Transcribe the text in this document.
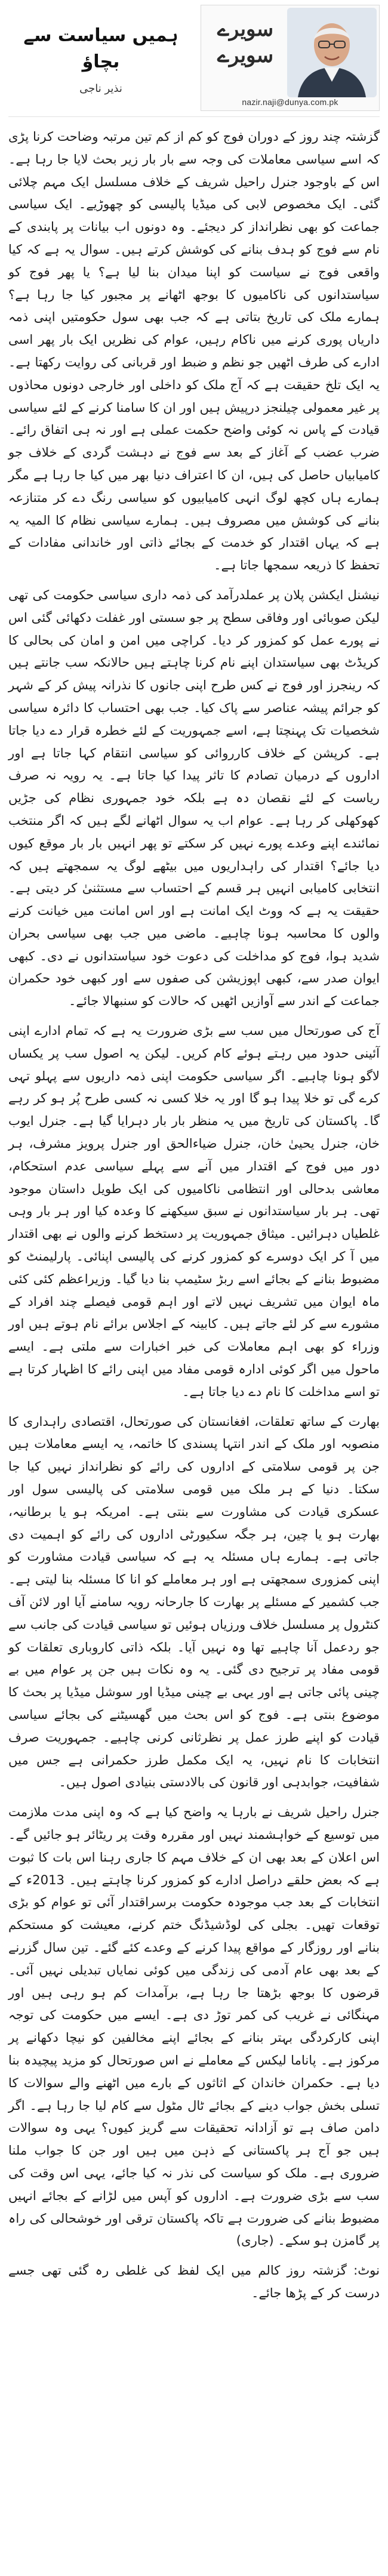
سویرے سویرے
nazir.naji@dunya.com.pk
ہمیں سیاست سے بچاؤ
نذیر ناجی

گزشتہ چند روز کے دوران فوج کو کم از کم تین مرتبہ وضاحت کرنا پڑی کہ اسے سیاسی معاملات کی وجہ سے بار بار زیر بحث لایا جا رہا ہے۔ اس کے باوجود جنرل راحیل شریف کے خلاف مسلسل ایک مہم چلائی گئی۔ ایک مخصوص لابی کی میڈیا پالیسی کو چھوڑیے۔ ایک سیاسی جماعت کو بھی نظرانداز کر دیجئے۔ وہ دونوں اب بیانات پر پابندی کے نام سے فوج کو ہدف بنانے کی کوشش کرتے ہیں۔ سوال یہ ہے کہ کیا واقعی فوج نے سیاست کو اپنا میدان بنا لیا ہے؟ یا پھر فوج کو سیاستدانوں کی ناکامیوں کا بوجھ اٹھانے پر مجبور کیا جا رہا ہے؟ ہمارے ملک کی تاریخ بتاتی ہے کہ جب بھی سول حکومتیں اپنی ذمہ داریاں پوری کرنے میں ناکام رہیں، عوام کی نظریں ایک بار پھر اسی ادارے کی طرف اٹھیں جو نظم و ضبط اور قربانی کی روایت رکھتا ہے۔ یہ ایک تلخ حقیقت ہے کہ آج ملک کو داخلی اور خارجی دونوں محاذوں پر غیر معمولی چیلنجز درپیش ہیں اور ان کا سامنا کرنے کے لئے سیاسی قیادت کے پاس نہ کوئی واضح حکمت عملی ہے اور نہ ہی اتفاق رائے۔ ضرب عضب کے آغاز کے بعد سے فوج نے دہشت گردی کے خلاف جو کامیابیاں حاصل کی ہیں، ان کا اعتراف دنیا بھر میں کیا جا رہا ہے مگر ہمارے ہاں کچھ لوگ انہی کامیابیوں کو سیاسی رنگ دے کر متنازعہ بنانے کی کوشش میں مصروف ہیں۔ ہمارے سیاسی نظام کا المیہ یہ ہے کہ یہاں اقتدار کو خدمت کے بجائے ذاتی اور خاندانی مفادات کے تحفظ کا ذریعہ سمجھا جاتا ہے۔

نیشنل ایکشن پلان پر عملدرآمد کی ذمہ داری سیاسی حکومت کی تھی لیکن صوبائی اور وفاقی سطح پر جو سستی اور غفلت دکھائی گئی اس نے پورے عمل کو کمزور کر دیا۔ کراچی میں امن و امان کی بحالی کا کریڈٹ بھی سیاستدان اپنے نام کرنا چاہتے ہیں حالانکہ سب جانتے ہیں کہ رینجرز اور فوج نے کس طرح اپنی جانوں کا نذرانہ پیش کر کے شہر کو جرائم پیشہ عناصر سے پاک کیا۔ جب بھی احتساب کا دائرہ سیاسی شخصیات تک پہنچتا ہے، اسے جمہوریت کے لئے خطرہ قرار دے دیا جاتا ہے۔ کرپشن کے خلاف کارروائی کو سیاسی انتقام کہا جاتا ہے اور اداروں کے درمیان تصادم کا تاثر پیدا کیا جاتا ہے۔ یہ رویہ نہ صرف ریاست کے لئے نقصان دہ ہے بلکہ خود جمہوری نظام کی جڑیں کھوکھلی کر رہا ہے۔ عوام اب یہ سوال اٹھانے لگے ہیں کہ اگر منتخب نمائندے اپنے وعدے پورے نہیں کر سکتے تو پھر انہیں بار بار موقع کیوں دیا جائے؟ اقتدار کی راہداریوں میں بیٹھے لوگ یہ سمجھتے ہیں کہ انتخابی کامیابی انہیں ہر قسم کے احتساب سے مستثنیٰ کر دیتی ہے۔ حقیقت یہ ہے کہ ووٹ ایک امانت ہے اور اس امانت میں خیانت کرنے والوں کا محاسبہ ہونا چاہیے۔ ماضی میں جب بھی سیاسی بحران شدید ہوا، فوج کو مداخلت کی دعوت خود سیاستدانوں نے دی۔ کبھی ایوان صدر سے، کبھی اپوزیشن کی صفوں سے اور کبھی خود حکمران جماعت کے اندر سے آوازیں اٹھیں کہ حالات کو سنبھالا جائے۔

آج کی صورتحال میں سب سے بڑی ضرورت یہ ہے کہ تمام ادارے اپنی آئینی حدود میں رہتے ہوئے کام کریں۔ لیکن یہ اصول سب پر یکساں لاگو ہونا چاہیے۔ اگر سیاسی حکومت اپنی ذمہ داریوں سے پہلو تہی کرے گی تو خلا پیدا ہو گا اور یہ خلا کسی نہ کسی طرح پُر ہو کر رہے گا۔ پاکستان کی تاریخ میں یہ منظر بار بار دہرایا گیا ہے۔ جنرل ایوب خان، جنرل یحییٰ خان، جنرل ضیاءالحق اور جنرل پرویز مشرف، ہر دور میں فوج کے اقتدار میں آنے سے پہلے سیاسی عدم استحکام، معاشی بدحالی اور انتظامی ناکامیوں کی ایک طویل داستان موجود تھی۔ ہر بار سیاستدانوں نے سبق سیکھنے کا وعدہ کیا اور ہر بار وہی غلطیاں دہرائیں۔ میثاق جمہوریت پر دستخط کرنے والوں نے بھی اقتدار میں آ کر ایک دوسرے کو کمزور کرنے کی پالیسی اپنائی۔ پارلیمنٹ کو مضبوط بنانے کے بجائے اسے ربڑ سٹیمپ بنا دیا گیا۔ وزیراعظم کئی کئی ماہ ایوان میں تشریف نہیں لاتے اور اہم قومی فیصلے چند افراد کے مشورے سے کر لئے جاتے ہیں۔ کابینہ کے اجلاس برائے نام ہوتے ہیں اور وزراء کو بھی اہم معاملات کی خبر اخبارات سے ملتی ہے۔ ایسے ماحول میں اگر کوئی ادارہ قومی مفاد میں اپنی رائے کا اظہار کرتا ہے تو اسے مداخلت کا نام دے دیا جاتا ہے۔

بھارت کے ساتھ تعلقات، افغانستان کی صورتحال، اقتصادی راہداری کا منصوبہ اور ملک کے اندر انتہا پسندی کا خاتمہ، یہ ایسے معاملات ہیں جن پر قومی سلامتی کے اداروں کی رائے کو نظرانداز نہیں کیا جا سکتا۔ دنیا کے ہر ملک میں قومی سلامتی کی پالیسی سول اور عسکری قیادت کی مشاورت سے بنتی ہے۔ امریکہ ہو یا برطانیہ، بھارت ہو یا چین، ہر جگہ سکیورٹی اداروں کی رائے کو اہمیت دی جاتی ہے۔ ہمارے ہاں مسئلہ یہ ہے کہ سیاسی قیادت مشاورت کو اپنی کمزوری سمجھتی ہے اور ہر معاملے کو انا کا مسئلہ بنا لیتی ہے۔ جب کشمیر کے مسئلے پر بھارت کا جارحانہ رویہ سامنے آیا اور لائن آف کنٹرول پر مسلسل خلاف ورزیاں ہوئیں تو سیاسی قیادت کی جانب سے جو ردعمل آنا چاہیے تھا وہ نہیں آیا۔ بلکہ ذاتی کاروباری تعلقات کو قومی مفاد پر ترجیح دی گئی۔ یہ وہ نکات ہیں جن پر عوام میں بے چینی پائی جاتی ہے اور یہی بے چینی میڈیا اور سوشل میڈیا پر بحث کا موضوع بنتی ہے۔ فوج کو اس بحث میں گھسیٹنے کی بجائے سیاسی قیادت کو اپنے طرز عمل پر نظرثانی کرنی چاہیے۔ جمہوریت صرف انتخابات کا نام نہیں، یہ ایک مکمل طرز حکمرانی ہے جس میں شفافیت، جوابدہی اور قانون کی بالادستی بنیادی اصول ہیں۔

جنرل راحیل شریف نے بارہا یہ واضح کیا ہے کہ وہ اپنی مدت ملازمت میں توسیع کے خواہشمند نہیں اور مقررہ وقت پر ریٹائر ہو جائیں گے۔ اس اعلان کے بعد بھی ان کے خلاف مہم کا جاری رہنا اس بات کا ثبوت ہے کہ بعض حلقے دراصل ادارے کو کمزور کرنا چاہتے ہیں۔ 2013ء کے انتخابات کے بعد جب موجودہ حکومت برسراقتدار آئی تو عوام کو بڑی توقعات تھیں۔ بجلی کی لوڈشیڈنگ ختم کرنے، معیشت کو مستحکم بنانے اور روزگار کے مواقع پیدا کرنے کے وعدے کئے گئے۔ تین سال گزرنے کے بعد بھی عام آدمی کی زندگی میں کوئی نمایاں تبدیلی نہیں آئی۔ قرضوں کا بوجھ بڑھتا جا رہا ہے، برآمدات کم ہو رہی ہیں اور مہنگائی نے غریب کی کمر توڑ دی ہے۔ ایسے میں حکومت کی توجہ اپنی کارکردگی بہتر بنانے کے بجائے اپنے مخالفین کو نیچا دکھانے پر مرکوز ہے۔ پاناما لیکس کے معاملے نے اس صورتحال کو مزید پیچیدہ بنا دیا ہے۔ حکمران خاندان کے اثاثوں کے بارے میں اٹھنے والے سوالات کا تسلی بخش جواب دینے کے بجائے ٹال مٹول سے کام لیا جا رہا ہے۔ اگر دامن صاف ہے تو آزادانہ تحقیقات سے گریز کیوں؟ یہی وہ سوالات ہیں جو آج ہر پاکستانی کے ذہن میں ہیں اور جن کا جواب ملنا ضروری ہے۔ ملک کو سیاست کی نذر نہ کیا جائے، یہی اس وقت کی سب سے بڑی ضرورت ہے۔ اداروں کو آپس میں لڑانے کے بجائے انہیں مضبوط بنانے کی ضرورت ہے تاکہ پاکستان ترقی اور خوشحالی کی راہ پر گامزن ہو سکے۔ (جاری)

نوٹ: گزشتہ روز کالم میں ایک لفظ کی غلطی رہ گئی تھی جسے درست کر کے پڑھا جائے۔
